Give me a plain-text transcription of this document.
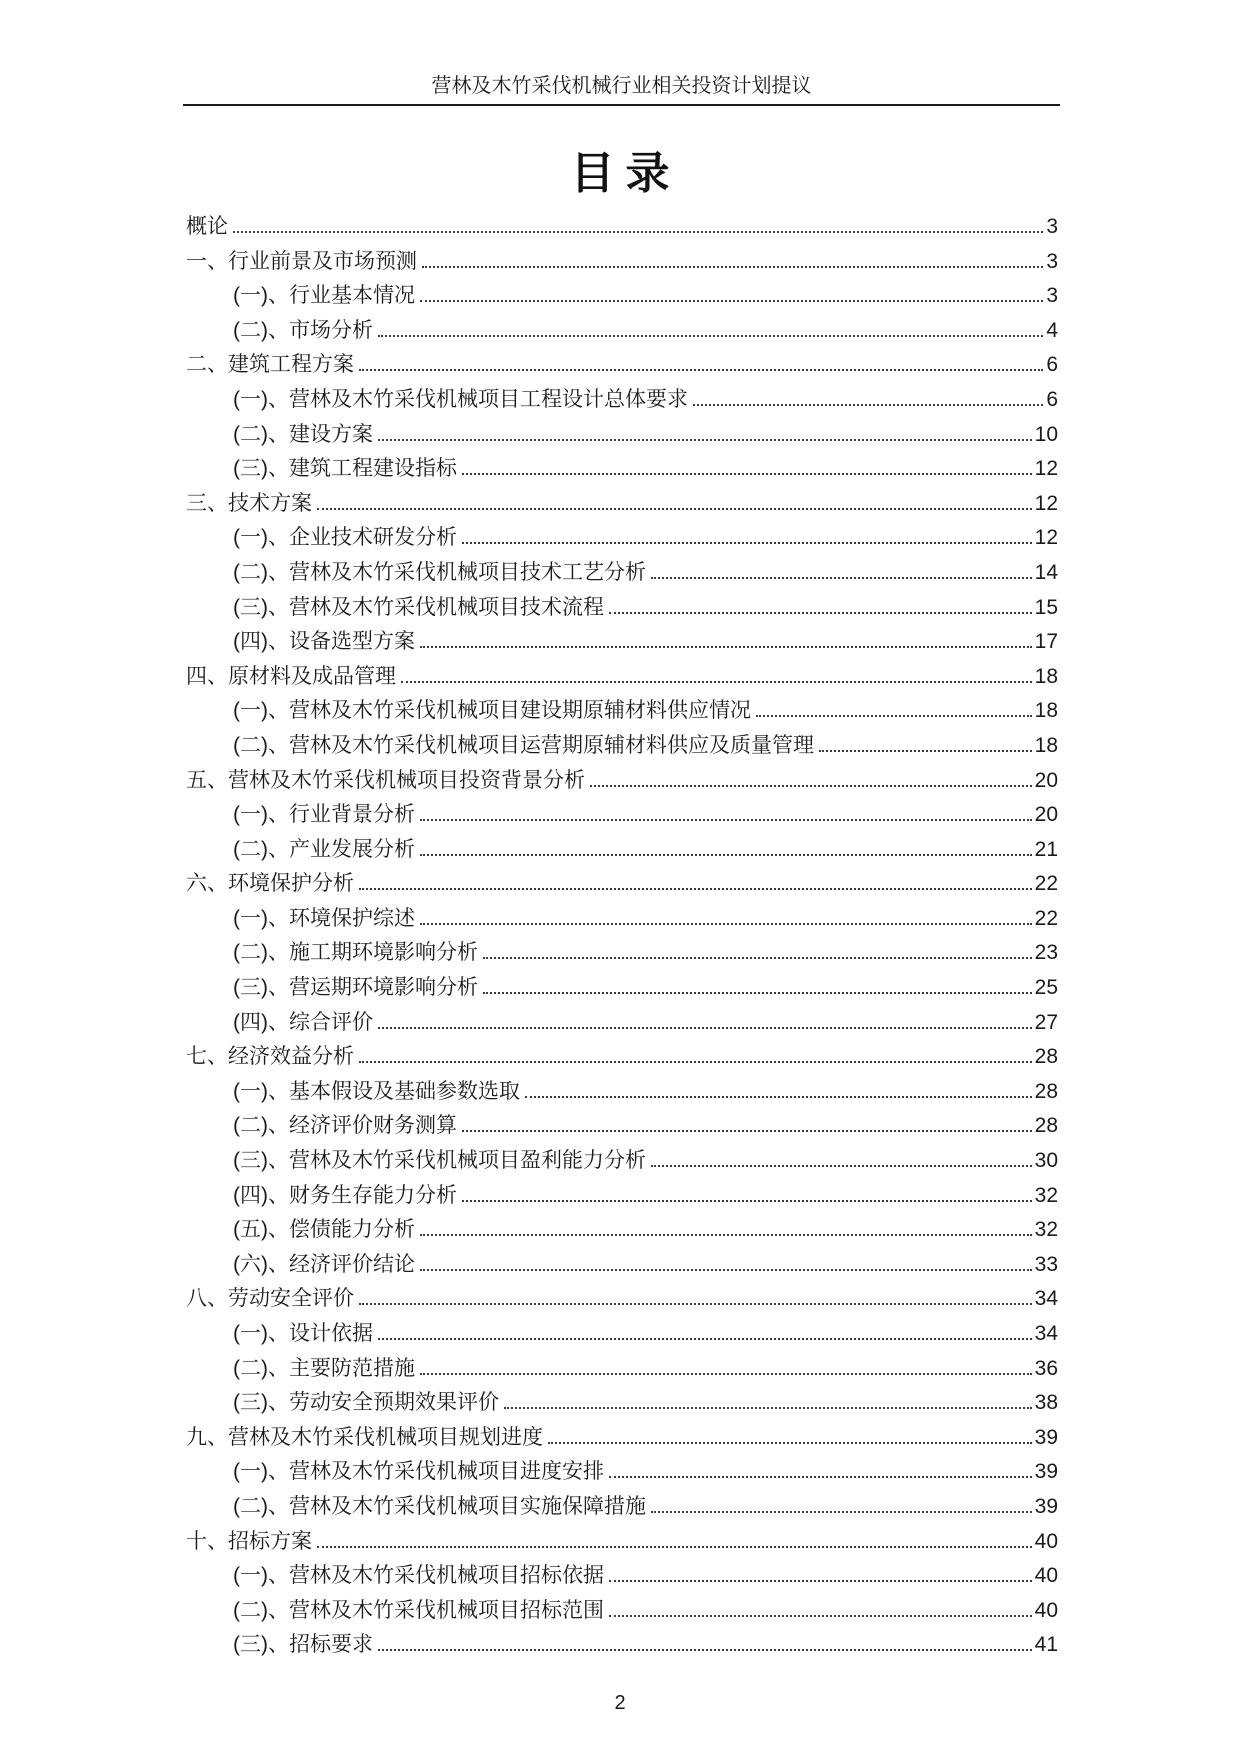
营林及木竹采伐机械行业相关投资计划提议
目 录
概论	3
一、行业前景及市场预测	3
(一)、行业基本情况	3
(二)、市场分析	4
二、建筑工程方案	6
(一)、营林及木竹采伐机械项目工程设计总体要求	6
(二)、建设方案	10
(三)、建筑工程建设指标	12
三、技术方案	12
(一)、企业技术研发分析	12
(二)、营林及木竹采伐机械项目技术工艺分析	14
(三)、营林及木竹采伐机械项目技术流程	15
(四)、设备选型方案	17
四、原材料及成品管理	18
(一)、营林及木竹采伐机械项目建设期原辅材料供应情况	18
(二)、营林及木竹采伐机械项目运营期原辅材料供应及质量管理	18
五、营林及木竹采伐机械项目投资背景分析	20
(一)、行业背景分析	20
(二)、产业发展分析	21
六、环境保护分析	22
(一)、环境保护综述	22
(二)、施工期环境影响分析	23
(三)、营运期环境影响分析	25
(四)、综合评价	27
七、经济效益分析	28
(一)、基本假设及基础参数选取	28
(二)、经济评价财务测算	28
(三)、营林及木竹采伐机械项目盈利能力分析	30
(四)、财务生存能力分析	32
(五)、偿债能力分析	32
(六)、经济评价结论	33
八、劳动安全评价	34
(一)、设计依据	34
(二)、主要防范措施	36
(三)、劳动安全预期效果评价	38
九、营林及木竹采伐机械项目规划进度	39
(一)、营林及木竹采伐机械项目进度安排	39
(二)、营林及木竹采伐机械项目实施保障措施	39
十、招标方案	40
(一)、营林及木竹采伐机械项目招标依据	40
(二)、营林及木竹采伐机械项目招标范围	40
(三)、招标要求	41
2
